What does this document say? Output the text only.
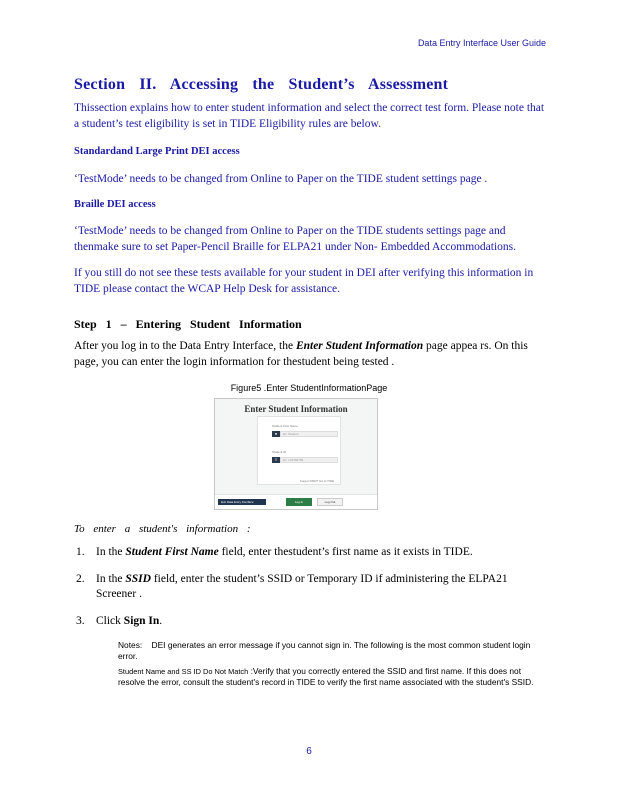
Data Entry Interface User Guide
Section II. Accessing the Student’s Assessment
Thissection explains how to enter student information and select the correct test form. Please note that a student’s test eligibility is set in TIDE Eligibility rules are below.
Standardand Large Print DEI access
‘TestMode’ needs to be changed from Online to Paper on the TIDE student settings page .
Braille DEI access
‘TestMode’ needs to be changed from Online to Paper on the TIDE students settings page and thenmake sure to set Paper-Pencil Braille for ELPA21 under Non- Embedded Accommodations.
If you still do not see these tests available for your student in DEI after verifying this information in TIDE please contact the WCAP Help Desk for assistance.
Step 1 – Entering Student Information
After you log in to the Data Entry Interface, the Enter Student Information page appea rs. On this page, you can enter the login information for thestudent being tested .
Figure5 .Enter StudentInformationPage
Enter Student Information
Student First Name
●	Ex: Student
Student ID
≡	Ex: 123456789
Forgot SSID? Go to TIDE
Exit Data Entry Interface	Log In	Log Out
To enter a student's information :
1. In the Student First Name field, enter thestudent’s first name as it exists in TIDE.
2. In the SSID field, enter the student’s SSID or Temporary ID if administering the ELPA21 Screener .
3. Click Sign In.
Notes: DEI generates an error message if you cannot sign in. The following is the most common student login error.
Student Name and SS ID Do Not Match :Verify that you correctly entered the SSID and first name. If this does not resolve the error, consult the student's record in TIDE to verify the first name associated with the student's SSID.
6
